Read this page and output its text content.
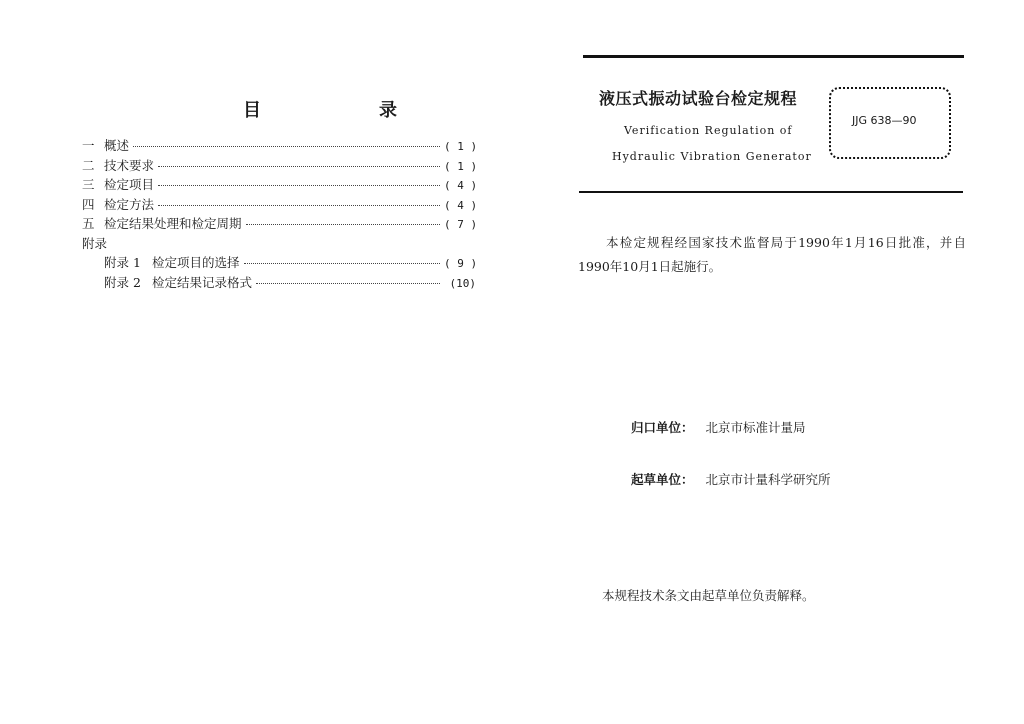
目　录
一 概述	( 1 )
二 技术要求	( 1 )
三 检定项目	( 4 )
四 检定方法	( 4 )
五 检定结果处理和检定周期	( 7 )
附录
附录 1 检定项目的选择	( 9 )
附录 2 检定结果记录格式	(10)
液压式振动试验台检定规程
Verification Regulation of
Hydraulic Vibration Generator
JJG 638—90
本检定规程经国家技术监督局于1990年1月16日批准，并自1990年10月1日起施行。
归口单位： 北京市标准计量局
起草单位： 北京市计量科学研究所
本规程技术条文由起草单位负责解释。
